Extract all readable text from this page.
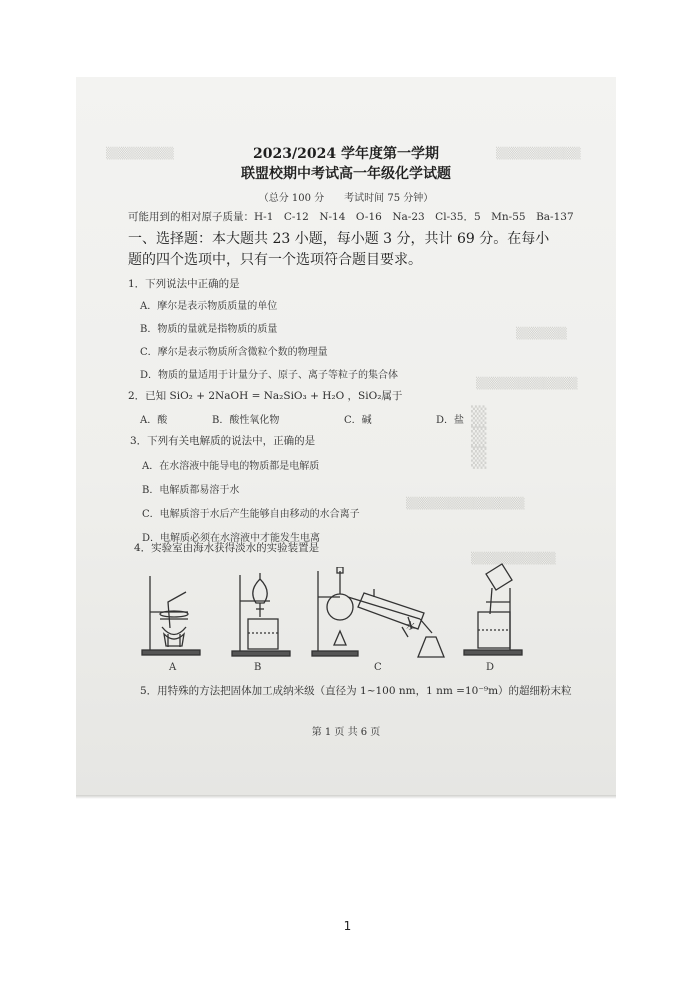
▒▒▒▒▒▒▒▒	▒▒▒▒▒▒▒▒▒▒
▒▒▒▒▒▒
▒▒▒▒▒▒▒▒▒▒▒▒
▒
▒
▒
▒▒▒▒▒▒▒▒▒▒▒▒▒▒
▒▒▒▒▒▒▒▒▒▒
2023/2024 学年度第一学期
联盟校期中考试高一年级化学试题
（总分 100 分　　考试时间 75 分钟）
可能用到的相对原子质量：H-1　C-12　N-14　O-16　Na-23　Cl-35．5　Mn-55　Ba-137
一、选择题：本大题共 23 小题，每小题 3 分，共计 69 分。在每小
题的四个选项中，只有一个选项符合题目要求。
1．下列说法中正确的是
A．摩尔是表示物质质量的单位
B．物质的量就是指物质的质量
C．摩尔是表示物质所含微粒个数的物理量
D．物质的量适用于计量分子、原子、离子等粒子的集合体
2．已知 SiO₂ + 2NaOH = Na₂SiO₃ + H₂O ，SiO₂属于
A．酸	B．酸性氧化物	C．碱	D．盐
3．下列有关电解质的说法中，正确的是
A．在水溶液中能导电的物质都是电解质
B．电解质都易溶于水
C．电解质溶于水后产生能够自由移动的水合离子
D．电解质必须在水溶液中才能发生电离
4．实验室由海水获得淡水的实验装置是
A	B
水
C	D
5．用特殊的方法把固体加工成纳米级（直径为 1~100 nm，1 nm =10⁻⁹m）的超细粉末粒
第 1 页 共 6 页
1
